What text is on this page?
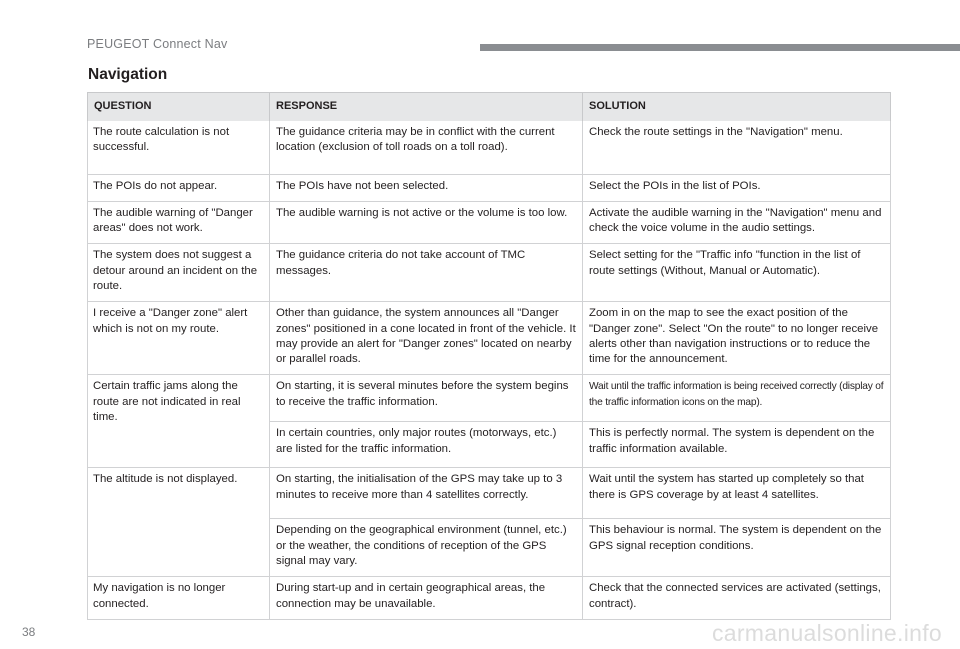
PEUGEOT Connect Nav
Navigation
QUESTION	RESPONSE	SOLUTION
The route calculation is not successful.	The guidance criteria may be in conflict with the current location (exclusion of toll roads on a toll road).	Check the route settings in the "Navigation" menu.
The POIs do not appear.	The POIs have not been selected.	Select the POIs in the list of POIs.
The audible warning of "Danger areas" does not work.	The audible warning is not active or the volume is too low.	Activate the audible warning in the "Navigation" menu and check the voice volume in the audio settings.
The system does not suggest a detour around an incident on the route.	The guidance criteria do not take account of TMC messages.	Select setting for the "Traffic info "function in the list of route settings (Without, Manual or Automatic).
I receive a "Danger zone" alert which is not on my route.	Other than guidance, the system announces all "Danger zones" positioned in a cone located in front of the vehicle. It may provide an alert for "Danger zones" located on nearby or parallel roads.	Zoom in on the map to see the exact position of the "Danger zone". Select "On the route" to no longer receive alerts other than navigation instructions or to reduce the time for the announcement.
Certain traffic jams along the route are not indicated in real time.	On starting, it is several minutes before the system begins to receive the traffic information.	Wait until the traffic information is being received correctly (display of the traffic information icons on the map).
	In certain countries, only major routes (motorways, etc.) are listed for the traffic information.	This is perfectly normal. The system is dependent on the traffic information available.
The altitude is not displayed.	On starting, the initialisation of the GPS may take up to 3 minutes to receive more than 4 satellites correctly.	Wait until the system has started up completely so that there is GPS coverage by at least 4 satellites.
	Depending on the geographical environment (tunnel, etc.) or the weather, the conditions of reception of the GPS signal may vary.	This behaviour is normal. The system is dependent on the GPS signal reception conditions.
My navigation is no longer connected.	During start-up and in certain geographical areas, the connection may be unavailable.	Check that the connected services are activated (settings, contract).
38	carmanualsonline.info
